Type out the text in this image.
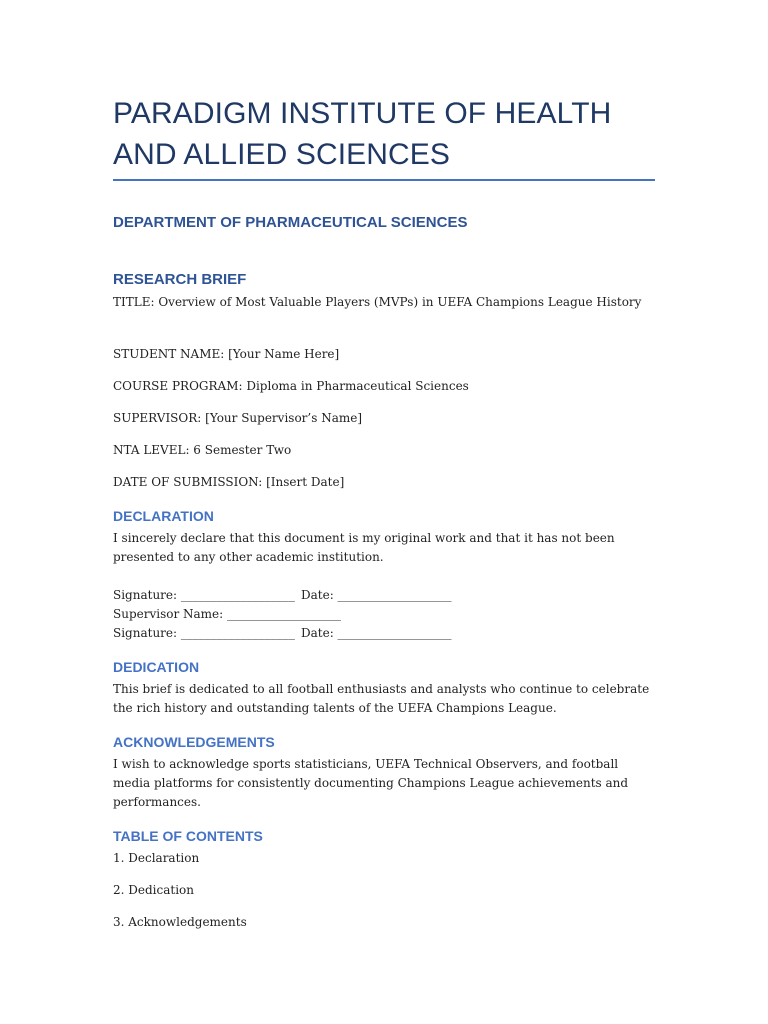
PARADIGM INSTITUTE OF HEALTH AND ALLIED SCIENCES
DEPARTMENT OF PHARMACEUTICAL SCIENCES
RESEARCH BRIEF
TITLE: Overview of Most Valuable Players (MVPs) in UEFA Champions League History
STUDENT NAME: [Your Name Here]
COURSE PROGRAM: Diploma in Pharmaceutical Sciences
SUPERVISOR: [Your Supervisor’s Name]
NTA LEVEL: 6 Semester Two
DATE OF SUBMISSION: [Insert Date]
DECLARATION
I sincerely declare that this document is my original work and that it has not been presented to any other academic institution.
Signature: ___________________ Date: ___________________
Supervisor Name: ___________________
Signature: ___________________ Date: ___________________
DEDICATION
This brief is dedicated to all football enthusiasts and analysts who continue to celebrate the rich history and outstanding talents of the UEFA Champions League.
ACKNOWLEDGEMENTS
I wish to acknowledge sports statisticians, UEFA Technical Observers, and football media platforms for consistently documenting Champions League achievements and performances.
TABLE OF CONTENTS
1. Declaration
2. Dedication
3. Acknowledgements
